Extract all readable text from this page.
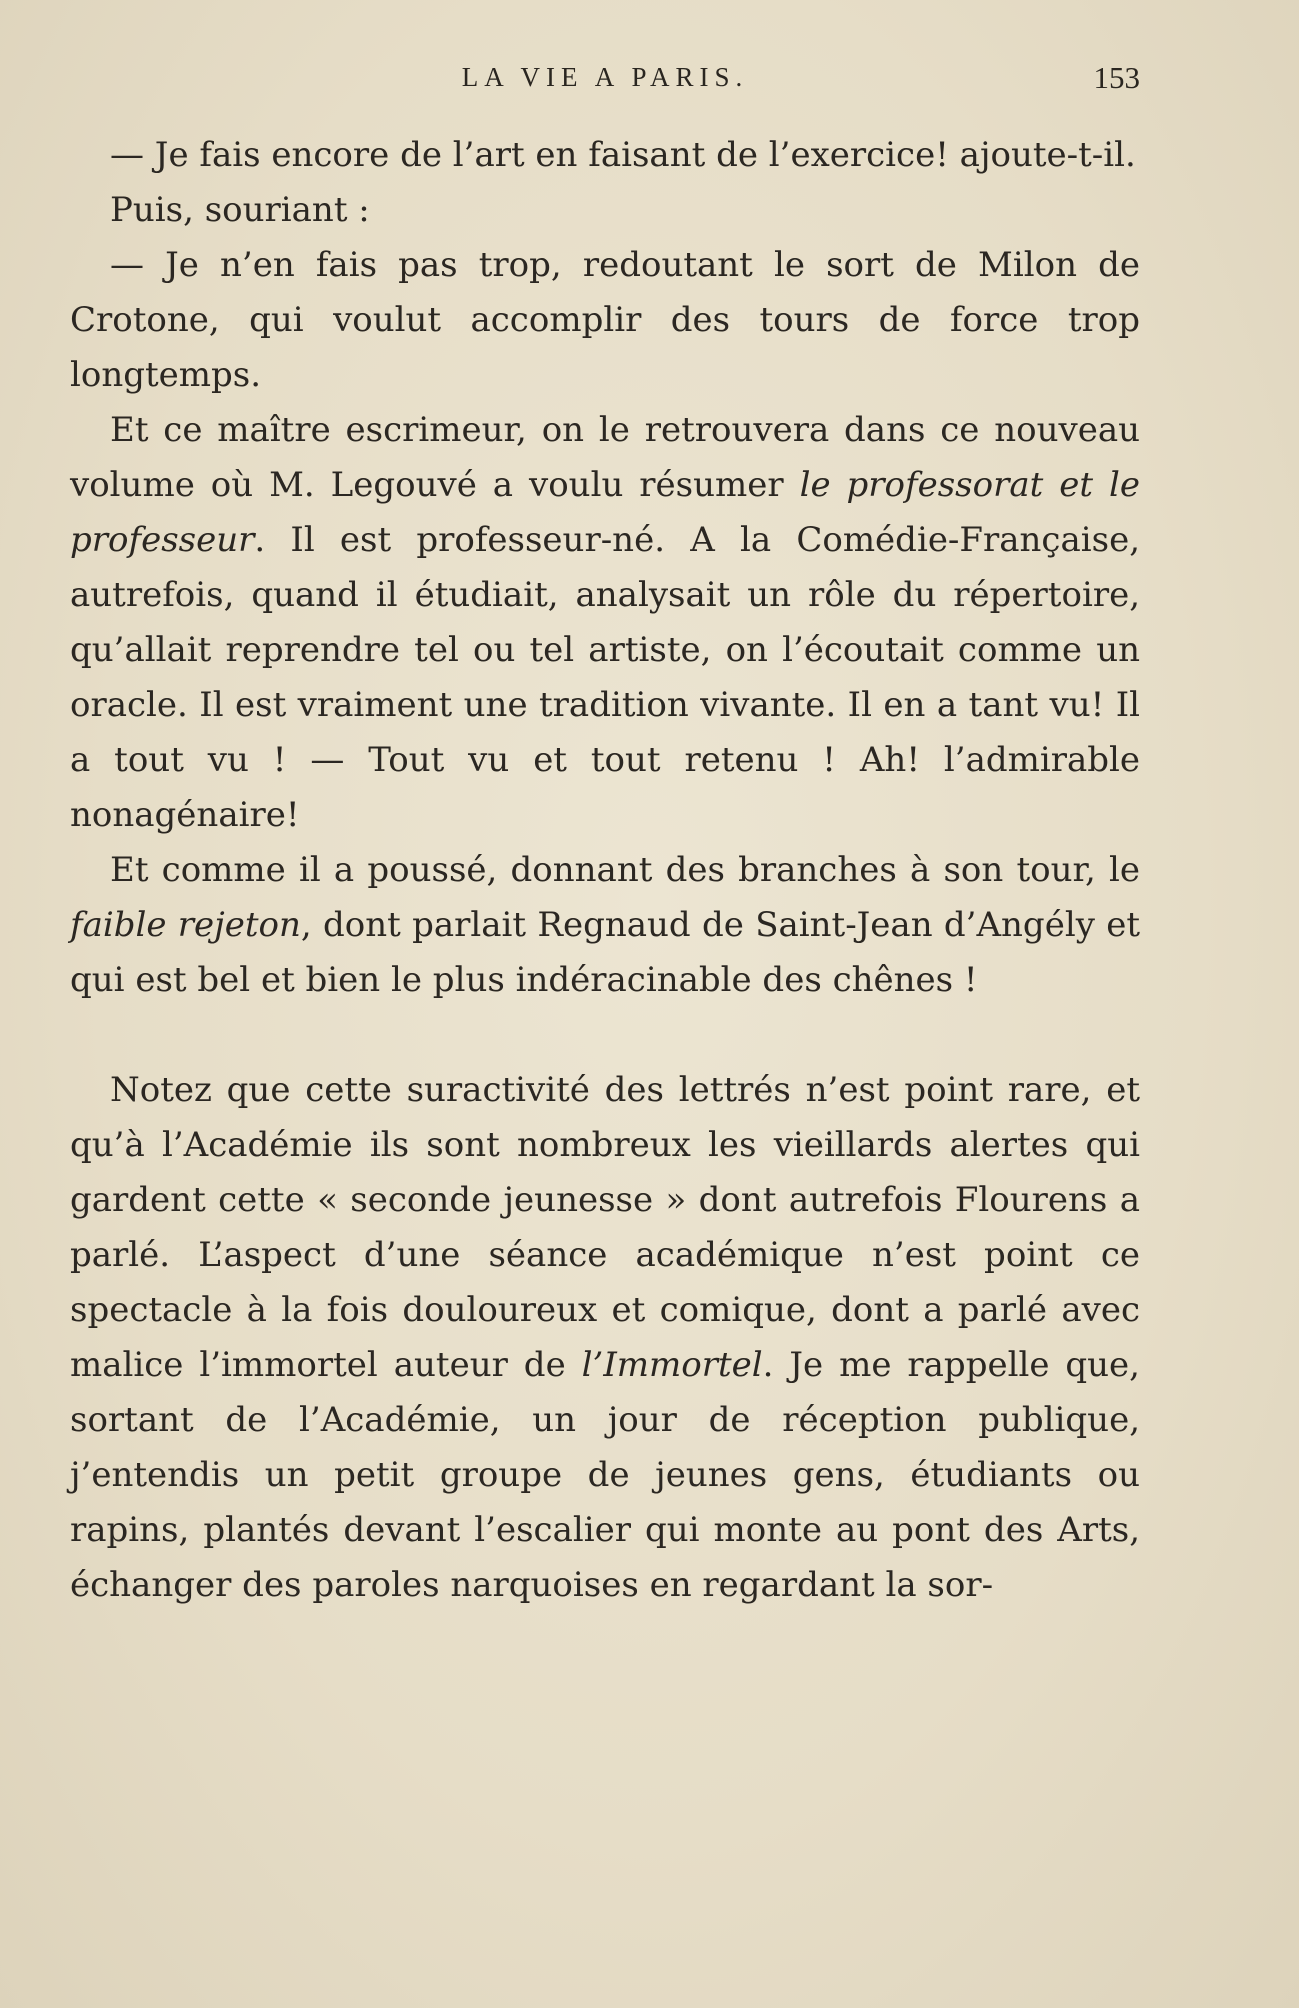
LA VIE A PARIS.	153

— Je fais encore de l’art en faisant de l’exercice! ajoute-t-il.

Puis, souriant :

— Je n’en fais pas trop, redoutant le sort de Milon de Crotone, qui voulut accomplir des tours de force trop longtemps.

Et ce maître escrimeur, on le retrouvera dans ce nouveau volume où M. Legouvé a voulu résumer le professorat et le professeur. Il est professeur-né. A la Comédie-Française, autrefois, quand il étudiait, analysait un rôle du répertoire, qu’allait reprendre tel ou tel artiste, on l’écoutait comme un oracle. Il est vraiment une tradition vivante. Il en a tant vu! Il a tout vu ! — Tout vu et tout retenu ! Ah! l’admirable nonagénaire!

Et comme il a poussé, donnant des branches à son tour, le faible rejeton, dont parlait Regnaud de Saint-Jean d’Angély et qui est bel et bien le plus indéracinable des chênes !

Notez que cette suractivité des lettrés n’est point rare, et qu’à l’Académie ils sont nombreux les vieillards alertes qui gardent cette « seconde jeunesse » dont autrefois Flourens a parlé. L’aspect d’une séance académique n’est point ce spectacle à la fois douloureux et comique, dont a parlé avec malice l’immortel auteur de l’Immortel. Je me rappelle que, sortant de l’Académie, un jour de réception publique, j’entendis un petit groupe de jeunes gens, étudiants ou rapins, plantés devant l’escalier qui monte au pont des Arts, échanger des paroles narquoises en regardant la sor-
